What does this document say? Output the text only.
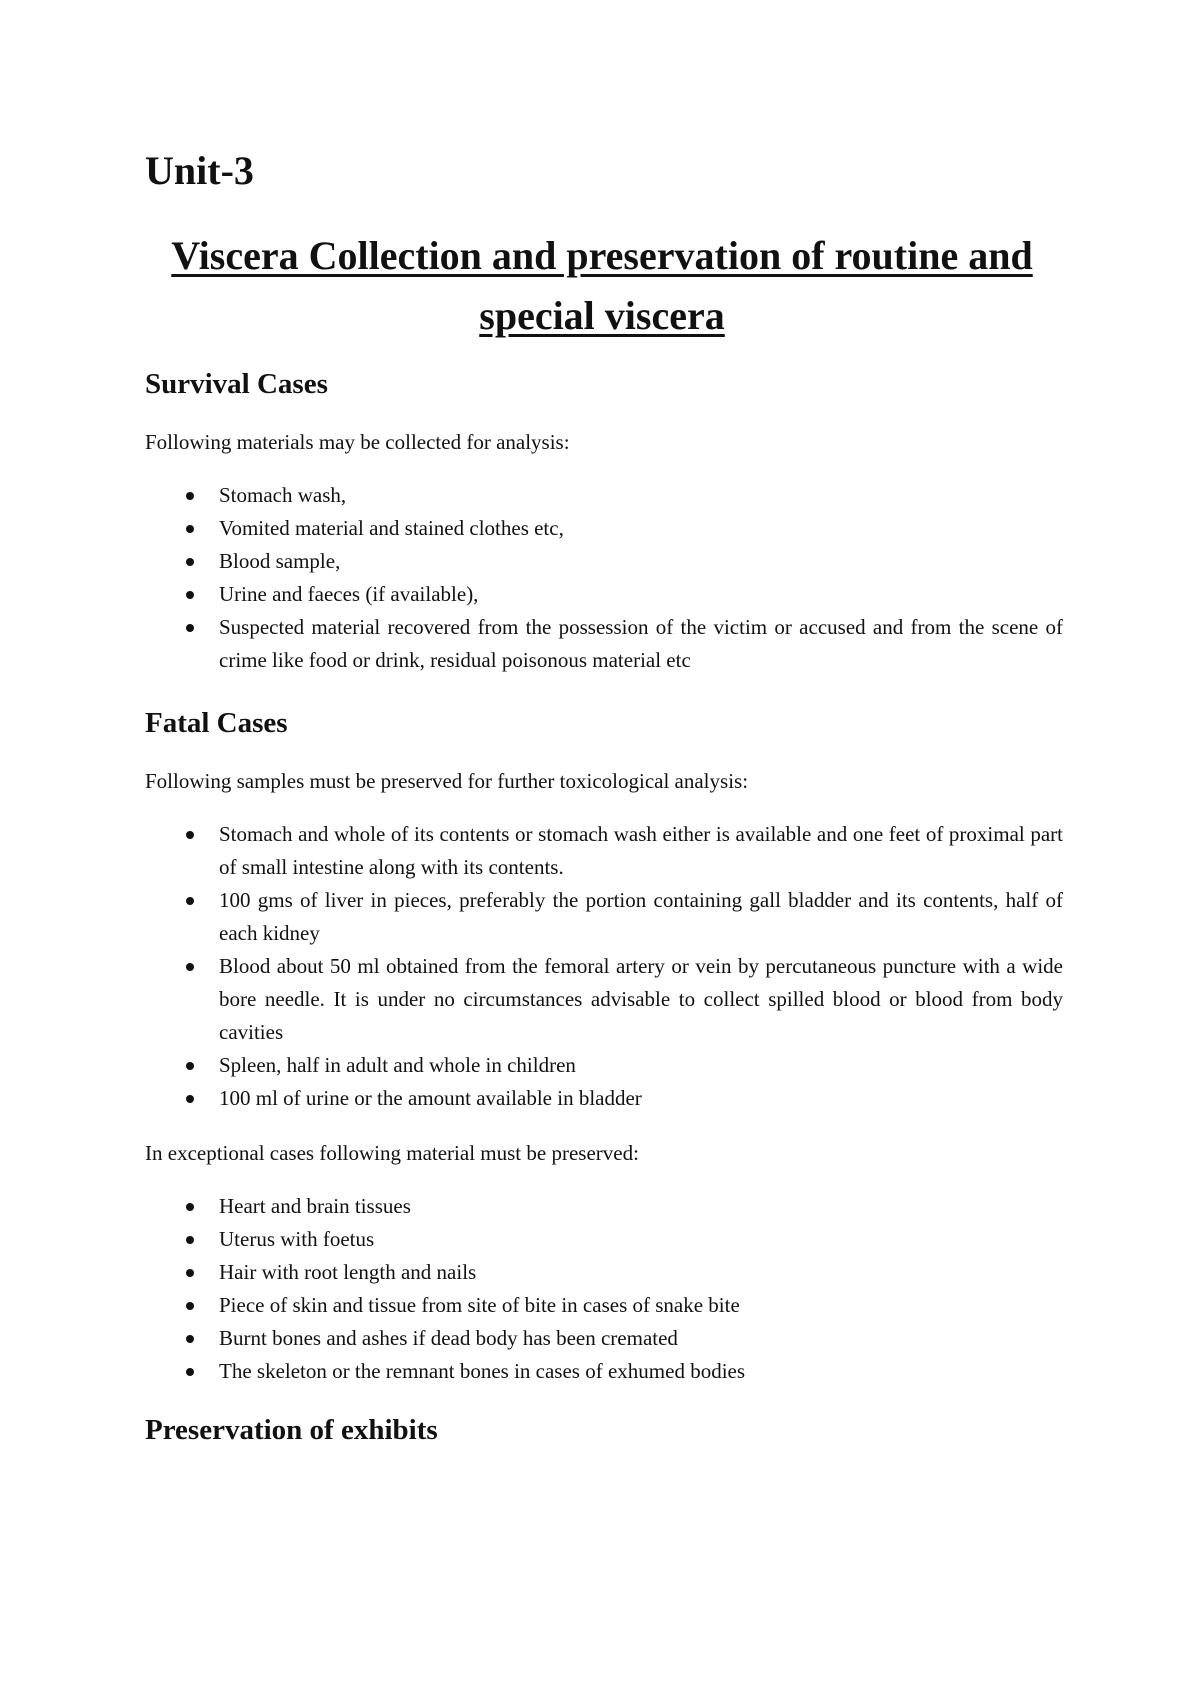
Unit-3
Viscera Collection and preservation of routine and special viscera
Survival Cases

Following materials may be collected for analysis:

Stomach wash,
Vomited material and stained clothes etc,
Blood sample,
Urine and faeces (if available),
Suspected material recovered from the possession of the victim or accused and from the scene of crime like food or drink, residual poisonous material etc
Fatal Cases

Following samples must be preserved for further toxicological analysis:

Stomach and whole of its contents or stomach wash either is available and one feet of proximal part of small intestine along with its contents.
100 gms of liver in pieces, preferably the portion containing gall bladder and its contents, half of each kidney
Blood about 50 ml obtained from the femoral artery or vein by percutaneous puncture with a wide bore needle. It is under no circumstances advisable to collect spilled blood or blood from body cavities
Spleen, half in adult and whole in children
100 ml of urine or the amount available in bladder

In exceptional cases following material must be preserved:

Heart and brain tissues
Uterus with foetus
Hair with root length and nails
Piece of skin and tissue from site of bite in cases of snake bite
Burnt bones and ashes if dead body has been cremated
The skeleton or the remnant bones in cases of exhumed bodies
Preservation of exhibits
